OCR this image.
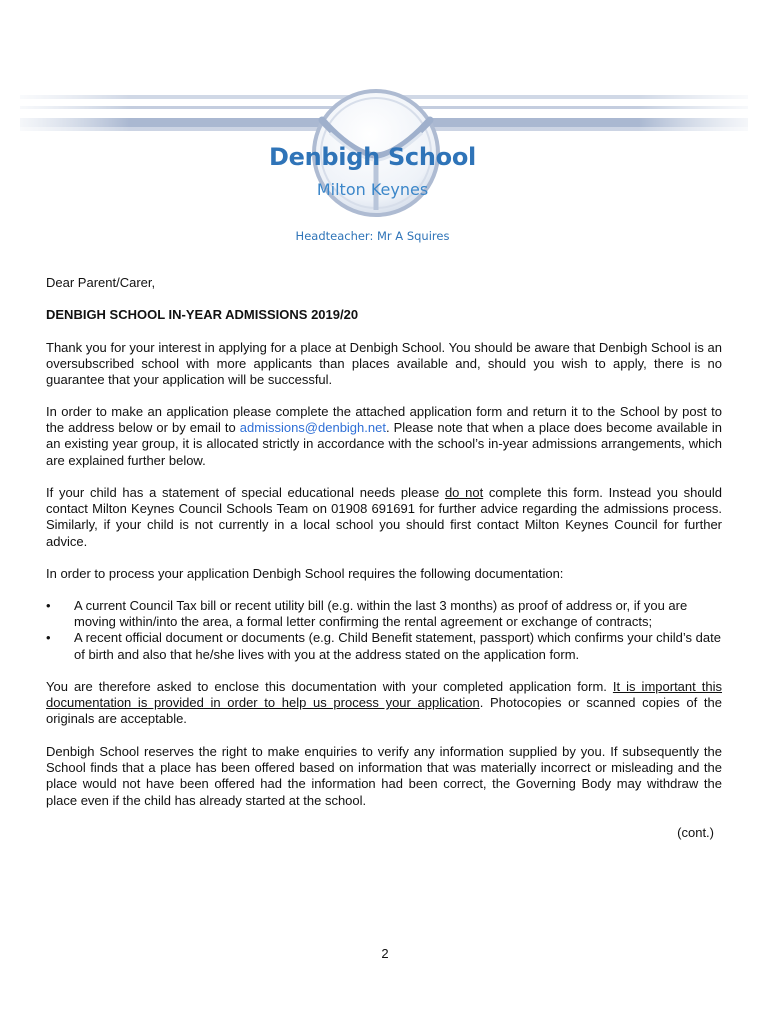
Denbigh School
Milton Keynes
Headteacher: Mr A Squires

Dear Parent/Carer,

DENBIGH SCHOOL IN-YEAR ADMISSIONS 2019/20

Thank you for your interest in applying for a place at Denbigh School. You should be aware that Denbigh School is an oversubscribed school with more applicants than places available and, should you wish to apply, there is no guarantee that your application will be successful.

In order to make an application please complete the attached application form and return it to the School by post to the address below or by email to admissions@denbigh.net. Please note that when a place does become available in an existing year group, it is allocated strictly in accordance with the school’s in-year admissions arrangements, which are explained further below.

If your child has a statement of special educational needs please do not complete this form. Instead you should contact Milton Keynes Council Schools Team on 01908 691691 for further advice regarding the admissions process. Similarly, if your child is not currently in a local school you should first contact Milton Keynes Council for further advice.

In order to process your application Denbigh School requires the following documentation:

• A current Council Tax bill or recent utility bill (e.g. within the last 3 months) as proof of address or, if you are moving within/into the area, a formal letter confirming the rental agreement or exchange of contracts;
• A recent official document or documents (e.g. Child Benefit statement, passport) which confirms your child’s date of birth and also that he/she lives with you at the address stated on the application form.

You are therefore asked to enclose this documentation with your completed application form. It is important this documentation is provided in order to help us process your application. Photocopies or scanned copies of the originals are acceptable.

Denbigh School reserves the right to make enquiries to verify any information supplied by you. If subsequently the School finds that a place has been offered based on information that was materially incorrect or misleading and the place would not have been offered had the information had been correct, the Governing Body may withdraw the place even if the child has already started at the school.

(cont.)
2
